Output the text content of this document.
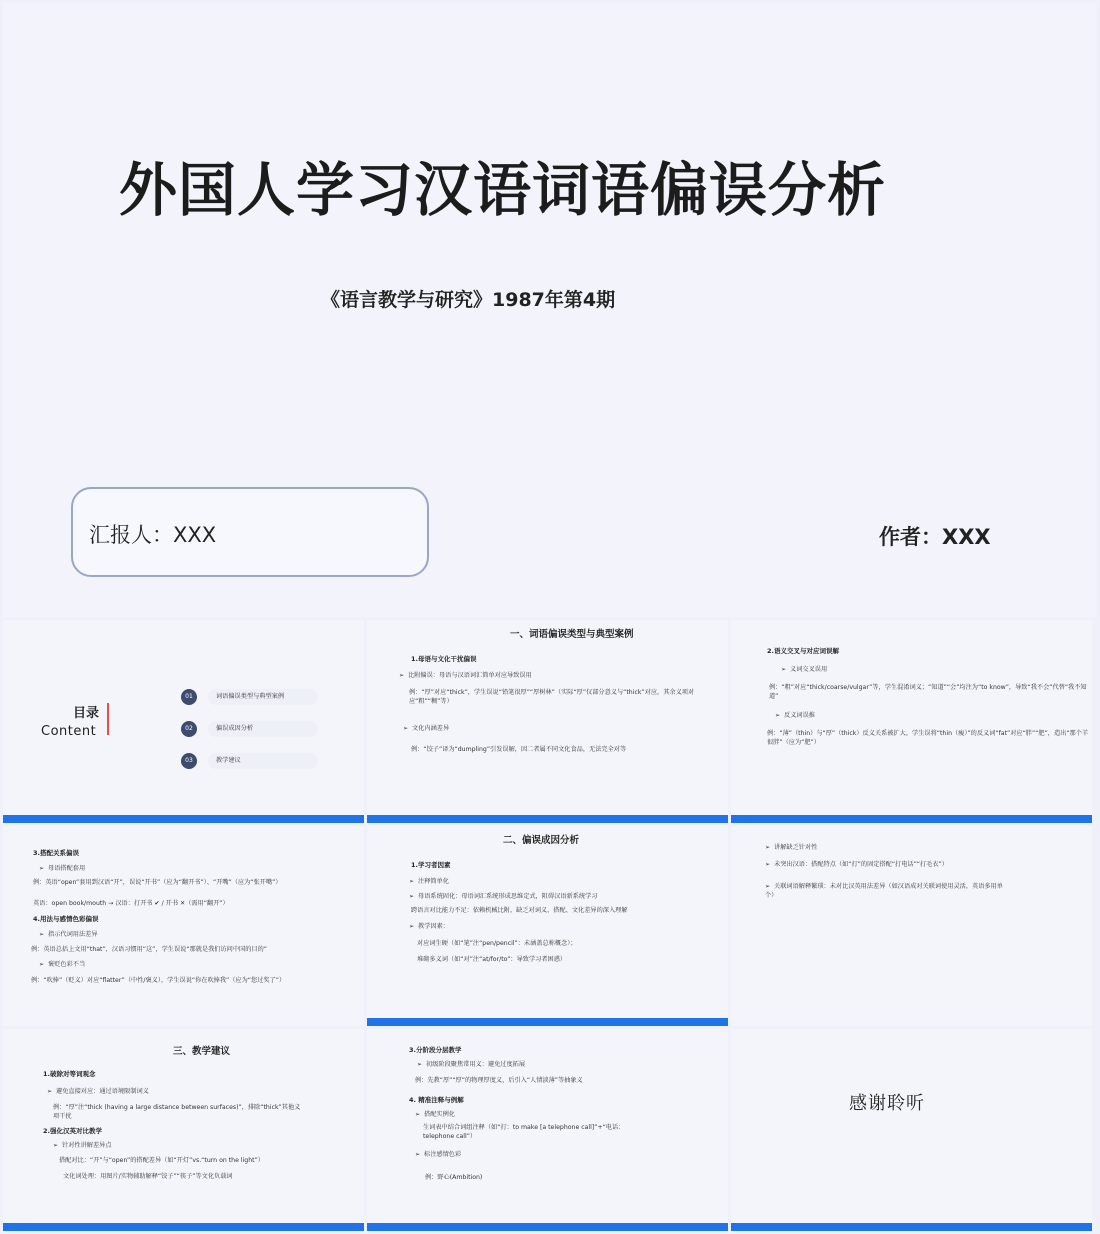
外国人学习汉语词语偏误分析
《语言教学与研究》1987年第4期
汇报人：XXX	作者：XXX
目录
Content
01	词语偏误类型与典型案例
02	偏误成因分析
03	教学建议
一、词语偏误类型与典型案例
1.母语与文化干扰偏误
➢ 比附偏误：母语与汉语词汇简单对应导致误用
例：“厚”对应“thick”，学生误说“铅笔很厚”“厚树林”（实际“厚”仅部分意义与“thick”对应，其余义项对应“粗”“稠”等）
➢ 文化内涵差异
例：“饺子”译为“dumpling”引发误解，因二者属不同文化食品，无法完全对等
2.语义交叉与对应词误解
➢ 义词交叉误用
例：“粗”对应“thick/coarse/vulgar”等，学生混淆词义；“知道”“会”均注为“to know”，导致“我不会”代替“我不知道”
➢ 反义词误推
例：“薄”（thin）与“厚”（thick）反义关系被扩大，学生误将“thin（瘦）”的反义词“fat”对应“胖”“肥”，造出“那个羊很胖”（应为“肥”）
3.搭配关系偏误
➢ 母语搭配套用
例：英语“open”套用到汉语“开”，误说“开书”（应为“翻开书”）、“开嘴”（应为“张开嘴”）
英语：open book/mouth → 汉语：打开书 ✔ / 开书 ✕（需用“翻开”）
4.用法与感情色彩偏误
➢ 指示代词用法差异
例：英语总括上文用“that”，汉语习惯用“这”，学生误说“那就是我们访问中国的目的”
➢ 褒贬色彩不当
例：“吹捧”（贬义）对应“flatter”（中性/褒义），学生误说“你在吹捧我”（应为“您过奖了”）
二、偏误成因分析
1.学习者因素
➢ 注释简单化
➢ 母语系统固化：母语词汇系统形成思维定式，阻碍汉语新系统学习
跨语言对比能力不足：依赖机械比附，缺乏对词义、搭配、文化差异的深入理解
➢ 教学因素：
对应词生硬（如“笔”注“pen/pencil”：未涵盖总称概念）；
堆砌多义词（如“对”注“at/for/to”：导致学习者困惑）
➢ 讲解缺乏针对性
➢ 未突出汉语：搭配特点（如“打”的固定搭配“打电话”“打毛衣”）
➢ 关联词语解释繁琐：未对比汉英用法差异（如汉语成对关联词使用灵活，英语多用单个）
三、教学建议
1.破除对等词观念
➢ 避免直接对应：通过语境限制词义
例：“厚”注“thick (having a large distance between surfaces)”，排除“thick”其他义项干扰
2.强化汉英对比教学
➢ 针对性讲解差异点
搭配对比：“开”与“open”的搭配差异（如“开灯”vs.“turn on the light”）
文化词处理：用图片/实物辅助解释“饺子”“筷子”等文化负载词
3.分阶段分层教学
➢ 初级阶段聚焦常用义：避免过度拓展
例：先教“厚”“厚”的物理厚度义，后引入“人情淡薄”等抽象义
4. 精准注释与例解
➢ 搭配实例化
生词表中结合词组注释（如“打：to make [a telephone call]”+“电话：telephone call”）
➢ 标注感情色彩
例：野心(Ambition)
感谢聆听
